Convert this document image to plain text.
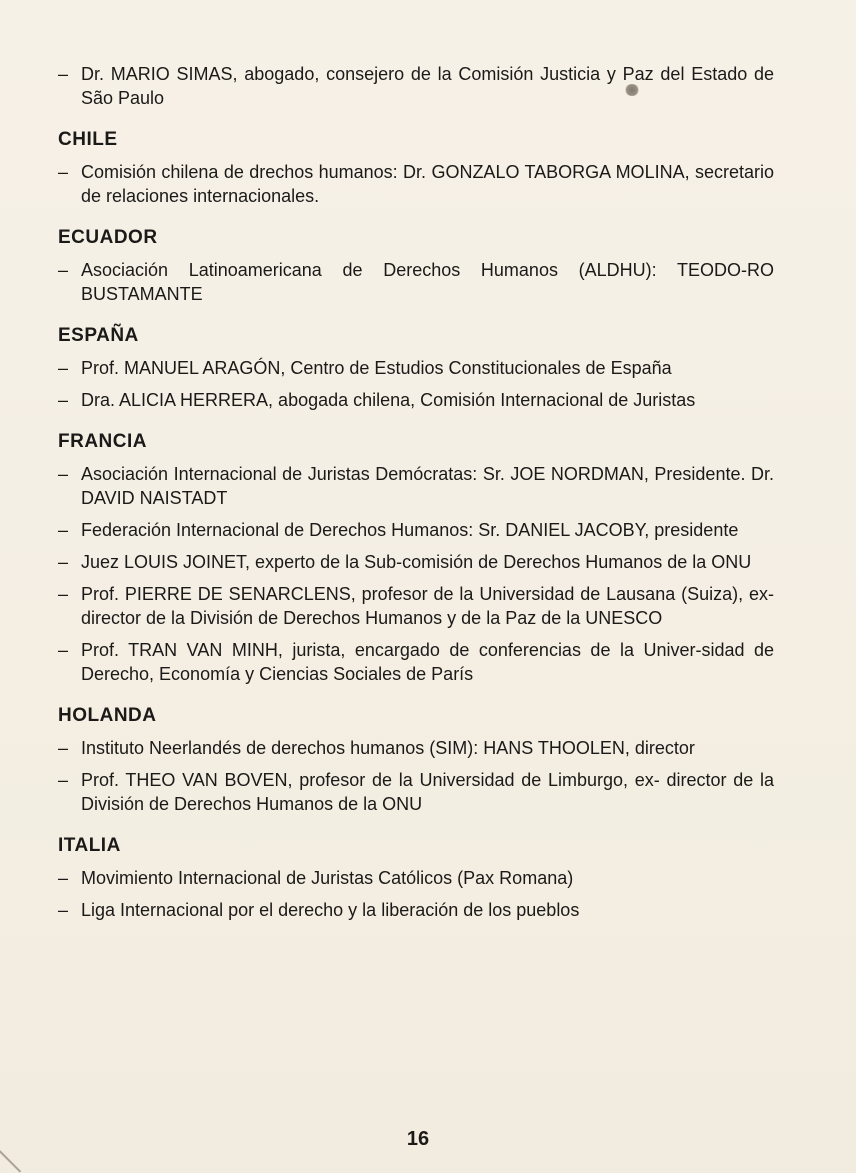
– Dr. MARIO SIMAS, abogado, consejero de la Comisión Justicia y Paz del Estado de São Paulo
CHILE
– Comisión chilena de drechos humanos: Dr. GONZALO TABORGA MOLINA, secretario de relaciones internacionales.
ECUADOR
– Asociación Latinoamericana de Derechos Humanos (ALDHU): TEODO-RO BUSTAMANTE
ESPAÑA
– Prof. MANUEL ARAGÓN, Centro de Estudios Constitucionales de España
– Dra. ALICIA HERRERA, abogada chilena, Comisión Internacional de Juristas
FRANCIA
– Asociación Internacional de Juristas Demócratas: Sr. JOE NORDMAN, Presidente. Dr. DAVID NAISTADT
– Federación Internacional de Derechos Humanos: Sr. DANIEL JACOBY, presidente
– Juez LOUIS JOINET, experto de la Sub-comisión de Derechos Humanos de la ONU
– Prof. PIERRE DE SENARCLENS, profesor de la Universidad de Lausana (Suiza), ex-director de la División de Derechos Humanos y de la Paz de la UNESCO
– Prof. TRAN VAN MINH, jurista, encargado de conferencias de la Univer-sidad de Derecho, Economía y Ciencias Sociales de París
HOLANDA
– Instituto Neerlandés de derechos humanos (SIM): HANS THOOLEN, director
– Prof. THEO VAN BOVEN, profesor de la Universidad de Limburgo, ex- director de la División de Derechos Humanos de la ONU
ITALIA
– Movimiento Internacional de Juristas Católicos (Pax Romana)
– Liga Internacional por el derecho y la liberación de los pueblos
16
